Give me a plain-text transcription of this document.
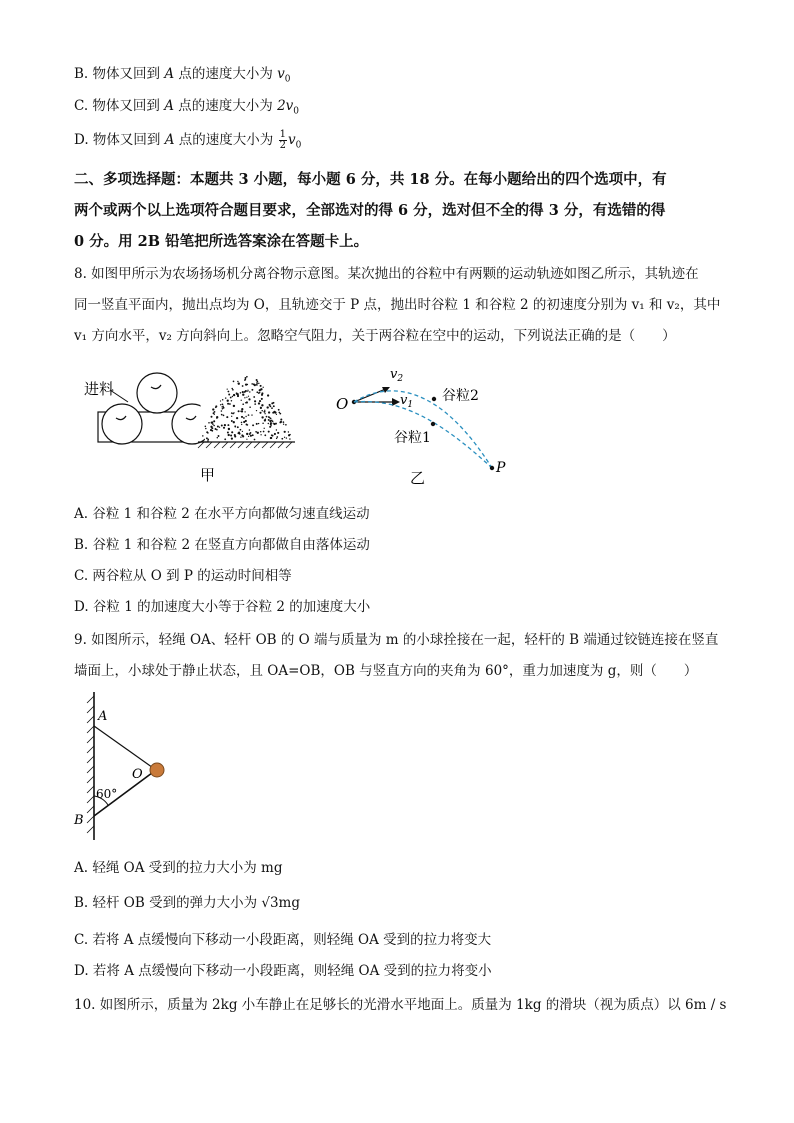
B. 物体又回到 A 点的速度大小为 $v_0$
C. 物体又回到 A 点的速度大小为 $2v_0$
D. 物体又回到 A 点的速度大小为 $\frac{1}{2} v_0$
二、多项选择题：本题共 3 小题，每小题 6 分，共 18 分。在每小题给出的四个选项中，有
两个或两个以上选项符合题目要求，全部选对的得 6 分，选对但不全的得 3 分，有选错的得
0 分。用 2B 铅笔把所选答案涂在答题卡上。
8. 如图甲所示为农场扬场机分离谷物示意图。某次抛出的谷粒中有两颗的运动轨迹如图乙所示，其轨迹在
同一竖直平面内，抛出点均为 O，且轨迹交于 P 点，抛出时谷粒 1 和谷粒 2 的初速度分别为 v₁ 和 v₂，其中
v₁ 方向水平，v₂ 方向斜向上。忽略空气阻力，关于两谷粒在空中的运动，下列说法正确的是（　　）
进料
甲
O
$v_2$
$v_1$
谷粒2
谷粒1
P
乙
A. 谷粒 1 和谷粒 2 在水平方向都做匀速直线运动
B. 谷粒 1 和谷粒 2 在竖直方向都做自由落体运动
C. 两谷粒从 O 到 P 的运动时间相等
D. 谷粒 1 的加速度大小等于谷粒 2 的加速度大小
9. 如图所示，轻绳 OA、轻杆 OB 的 O 端与质量为 m 的小球拴接在一起，轻杆的 B 端通过铰链连接在竖直
墙面上，小球处于静止状态，且 OA=OB，OB 与竖直方向的夹角为 60°，重力加速度为 g，则（　　）
A
O
60°
B
A. 轻绳 OA 受到的拉力大小为 mg
B. 轻杆 OB 受到的弹力大小为 √3mg
C. 若将 A 点缓慢向下移动一小段距离，则轻绳 OA 受到的拉力将变大
D. 若将 A 点缓慢向下移动一小段距离，则轻绳 OA 受到的拉力将变小
10. 如图所示，质量为 2kg 小车静止在足够长的光滑水平地面上。质量为 1kg 的滑块（视为质点）以 6m / s
